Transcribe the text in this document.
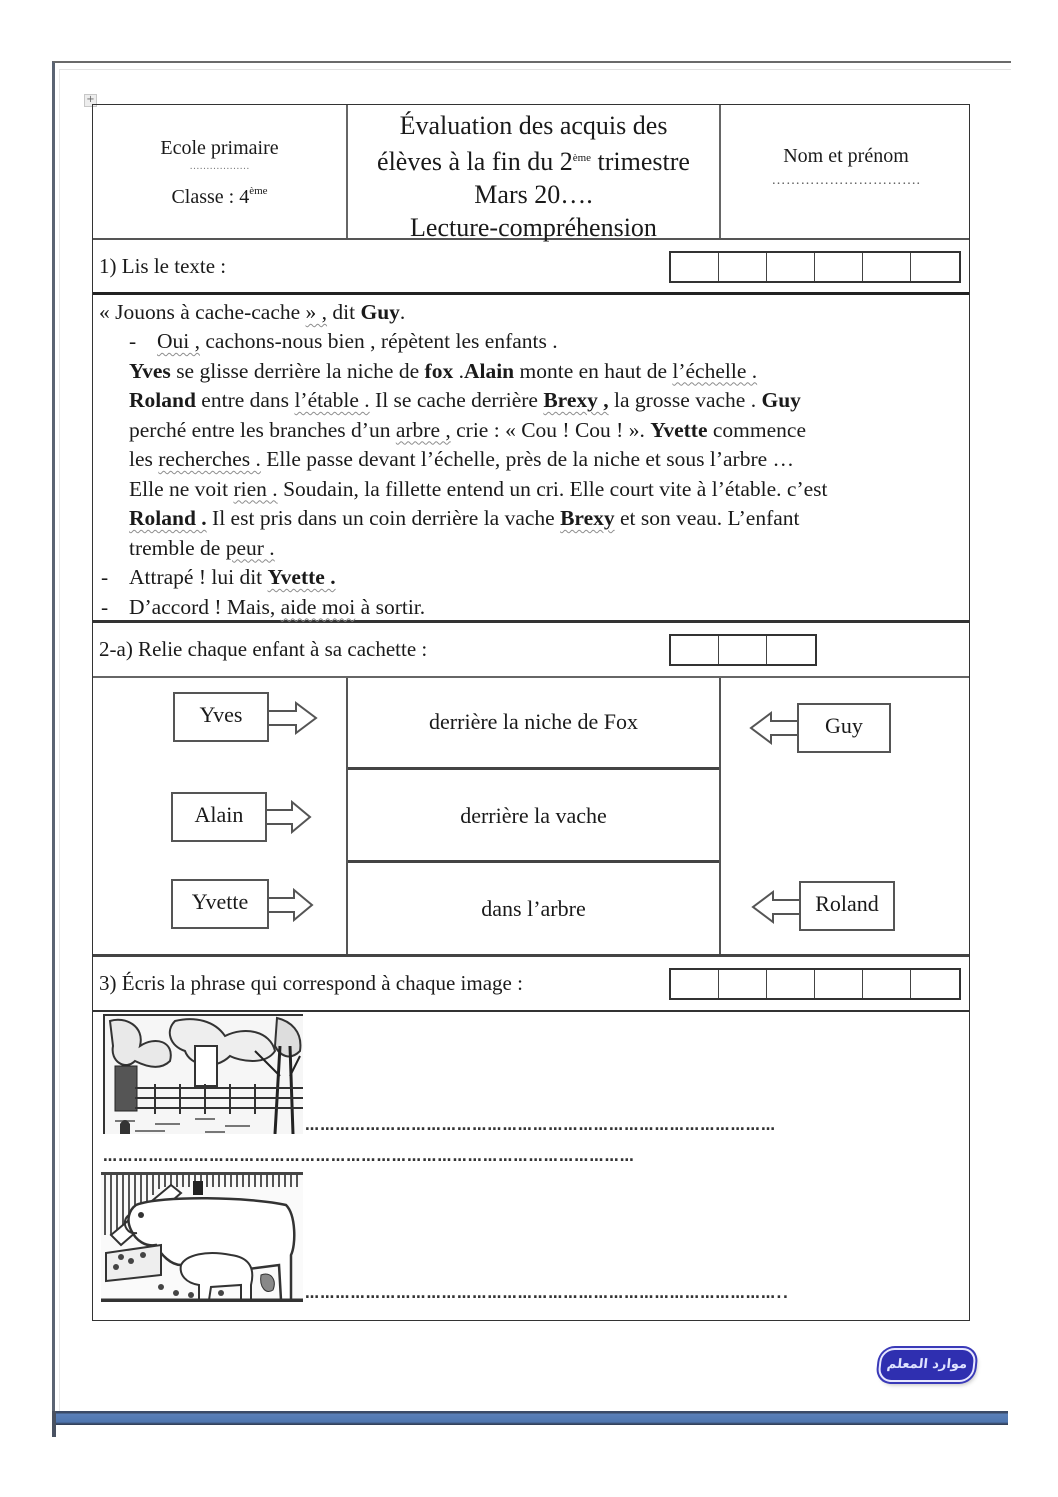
+
Ecole primaire
………………
Classe : 4ème
Évaluation des acquis des
élèves à la fin du 2ème trimestre
Mars 20….
Lecture-compréhension
Nom et prénom
………………………….
1) Lis le texte :

« Jouons à cache-cache » , dit Guy.

- Oui , cachons-nous bien , répètent les enfants .

Yves se glisse derrière la niche de fox .Alain monte en haut de l’échelle .

Roland entre dans l’étable . Il se cache derrière Brexy , la grosse vache . Guy

perché entre les branches d’un arbre , crie : « Cou ! Cou ! ». Yvette commence

les recherches . Elle passe devant l’échelle, près de la niche et sous l’arbre …

Elle ne voit rien . Soudain, la fillette entend un cri. Elle court vite à l’étable. c’est

Roland . Il est pris dans un coin derrière la vache Brexy et son veau. L’enfant

tremble de peur .

- Attrapé ! lui dit Yvette .

- D’accord ! Mais, aide moi à sortir.

2-a) Relie chaque enfant à sa cachette :
Yves
Alain
Yvette
derrière la niche de Fox
derrière la vache
dans l’arbre
Guy
Roland
3) Écris la phrase qui correspond à chaque image :
…………………………………………………………………………………
……………………………………………………………………………………………
…………………………………………………………………………………..
موارد المعلم
